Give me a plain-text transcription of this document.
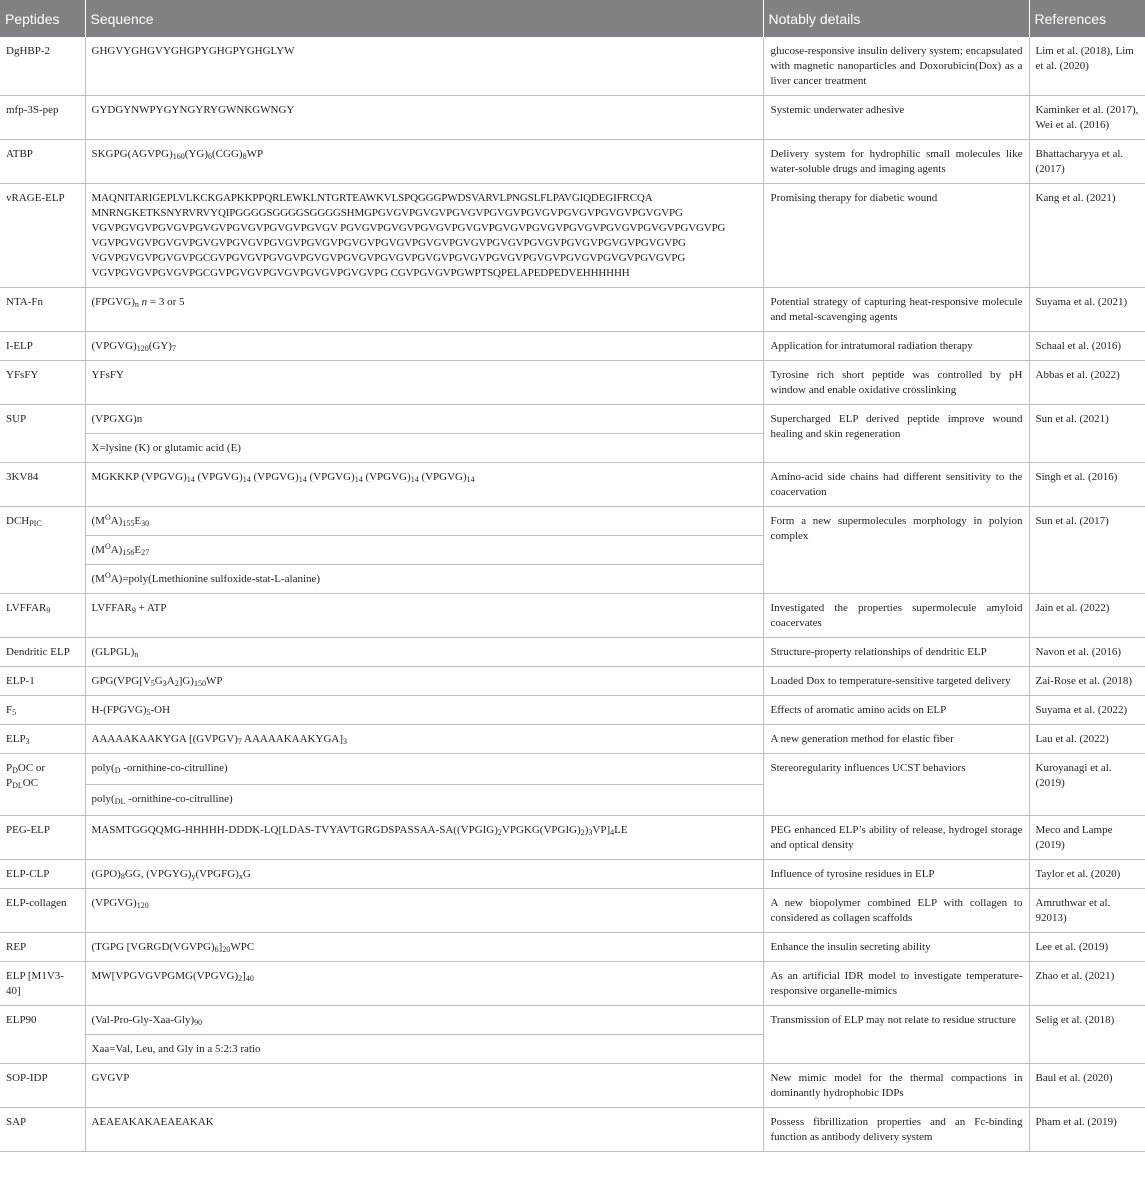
Peptides	Sequence	Notably details	References
DgHBP-2	GHGVYGHGVYGHGPYGHGPYGHGLYW	glucose-responsive insulin delivery system; encapsulated with magnetic nanoparticles and Doxorubicin(Dox) as a liver cancer treatment	Lim et al. (2018), Lim et al. (2020)
mfp-3S-pep	GYDGYNWPYGYNGYRYGWNKGWNGY	Systemic underwater adhesive	Kaminker et al. (2017), Wei et al. (2016)
ATBP	$SKGPG(AGVPG)_{160}(YG)_6(CGG)_8WP$	Delivery system for hydrophilic small molecules like water-soluble drugs and imaging agents	Bhattacharyya et al. (2017)
vRAGE-ELP	MAQNITARIGEPLVLKCKGAPKKPPQRLEWKLNTGRTEAWKVLSPQGGGPWDSVARVLPNGSLFLPAVGIQDEGIFRCQA MNRNGKETKSNYRVRVYQIPGGGGSGGGGSGGGGSHMGPGVGVPGVGVPGVGVPGVGVPGVGVPGVGVPGVGVPGVGVPG VGVPGVGVPGVGVPGVGVPGVGVPGVGVPGVGV PGVGVPGVGVPGVGVPGVGVPGVGVPGVGVPGVGVPGVGVPGVGVPGVGVPG VGVPGVGVPGVGVPGVGVPGVGVPGVGVPGVGVPGVGVPGVGVPGVGVPGVGVPGVGVPGVGVPGVGVPGVGVPGVGVPG VGVPGVGVPGVGVPGCGVPGVGVPGVGVPGVGVPGVGVPGVGVPGVGVPGVGVPGVGVPGVGVPGVGVPGVGVPGVGVPG VGVPGVGVPGVGVPGCGVPGVGVPGVGVPGVGVPGVGVPG CGVPGVGVPGWPTSQPELAPEDPEDVEHHHHHH	Promising therapy for diabetic wound	Kang et al. (2021)
NTA-Fn	$(FPGVG)_n$ n = 3 or 5	Potential strategy of capturing heat-responsive molecule and metal-scavenging agents	Suyama et al. (2021)
I-ELP	$(VPGVG)_{120}(GY)_7$	Application for intratumoral radiation therapy	Schaal et al. (2016)
YFsFY	YFsFY	Tyrosine rich short peptide was controlled by pH window and enable oxidative crosslinking	Abbas et al. (2022)
SUP	(VPGXG)n	Supercharged ELP derived peptide improve wound healing and skin regeneration	Sun et al. (2021)
	X=lysine (K) or glutamic acid (E)		
3KV84	MGKKKP $(VPGVG)_{14}$ $(VPGVG)_{14}$ $(VPGVG)_{14}$ $(VPGVG)_{14}$ $(VPGVG)_{14}$ $(VPGVG)_{14}$	Amino-acid side chains had different sensitivity to the coacervation	Singh et al. (2016)
$DCH_{PIC}$	$(M^OA)_{155}E_{30}$	Form a new supermolecules morphology in polyion complex	Sun et al. (2017)
	$(M^OA)_{156}E_{27}$
	$(M^OA)=poly(Lmethionine$ sulfoxide-stat-L-alanine)		
$LVFFAR_9$	$LVFFAR_9$ + ATP	Investigated the properties supermolecule amyloid coacervates	Jain et al. (2022)
Dendritic ELP	$(GLPGL)_n$	Structure-property relationships of dendritic ELP	Navon et al. (2016)
ELP-1	$GPG(VPG[V_5G_3A_2]G)_{150}WP$	Loaded Dox to temperature-sensitive targeted delivery	Zai-Rose et al. (2018)
$F_5$	$H-(FPGVG)_5-OH$	Effects of aromatic amino acids on ELP	Suyama et al. (2022)
$ELP_3$	AAAAAKAAKYGA [$(GVPGV)_7$ $AAAAAKAAKYGA]_3$	A new generation method for elastic fiber	Lau et al. (2022)
$P_DOC$ or $P_{DL}OC$	poly(D -ornithine-co-citrulline)	Stereoregularity influences UCST behaviors	Kuroyanagi et al. (2019)
	poly(DL -ornithine-co-citrulline)		
PEG-ELP	MASMTGGQQMG-$HHHHH-DDDK-LQ[LDAS-TVYAVTGRGDSPASSAA-SA((VPGIG)_2VPGKG(VPGIG)_2)_3VP]_4LE$	PEG enhanced ELP’s ability of release, hydrogel storage and optical density	Meco and Lampe (2019)
ELP-CLP	$(GPO)_8GG$, $(VPGYG)_y(VPGFG)_xG$	Influence of tyrosine residues in ELP	Taylor et al. (2020)
ELP-collagen	$(VPGVG)_{120}$	A new biopolymer combined ELP with collagen to considered as collagen scaffolds	Amruthwar et al. 92013)
REP	(TGPG $[VGRGD(VGVPG)_6]_{20}WPC$	Enhance the insulin secreting ability	Lee et al. (2019)
ELP [M1V3-40]	$MW[VPGVGVPGMG(VPGVG)_2]_{40}$	As an artificial IDR model to investigate temperature-responsive organelle-mimics	Zhao et al. (2021)
ELP90	$(Val-Pro-Gly-Xaa-Gly)_{90}$	Transmission of ELP may not relate to residue structure	Selig et al. (2018)
	Xaa=Val, Leu, and Gly in a 5:2:3 ratio		
SOP-IDP	GVGVP	New mimic model for the thermal compactions in dominantly hydrophobic IDPs	Baul et al. (2020)
SAP	AEAEAKAKAEAEAKAK	Possess fibrillization properties and an Fc-binding function as antibody delivery system	Pham et al. (2019)
